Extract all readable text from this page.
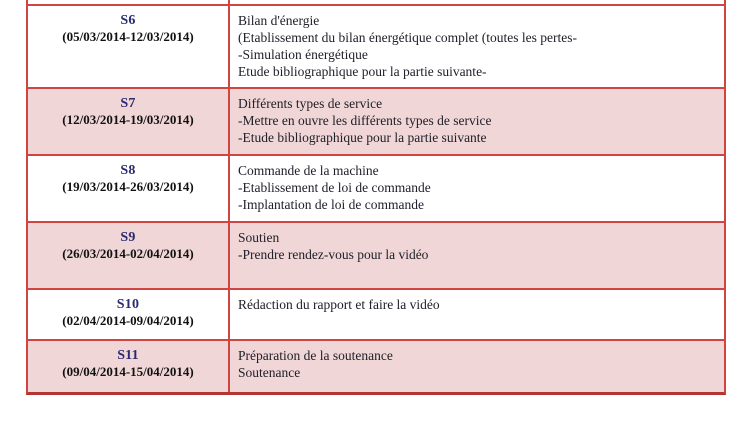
S6
(05/03/2014-12/03/2014)
Bilan d'énergie
(Etablissement du bilan énergétique complet (toutes les pertes-
-Simulation énergétique
Etude bibliographique pour la partie suivante-
S7
(12/03/2014-19/03/2014)
Différents types de service
-Mettre en ouvre les différents types de service
-Etude bibliographique pour la partie suivante
S8
(19/03/2014-26/03/2014)
Commande de la machine
-Etablissement de loi de commande
-Implantation de loi de commande
S9
(26/03/2014-02/04/2014)
Soutien
-Prendre rendez-vous pour la vidéo
S10
(02/04/2014-09/04/2014)
Rédaction du rapport et faire la vidéo
S11
(09/04/2014-15/04/2014)
Préparation de la soutenance
Soutenance
